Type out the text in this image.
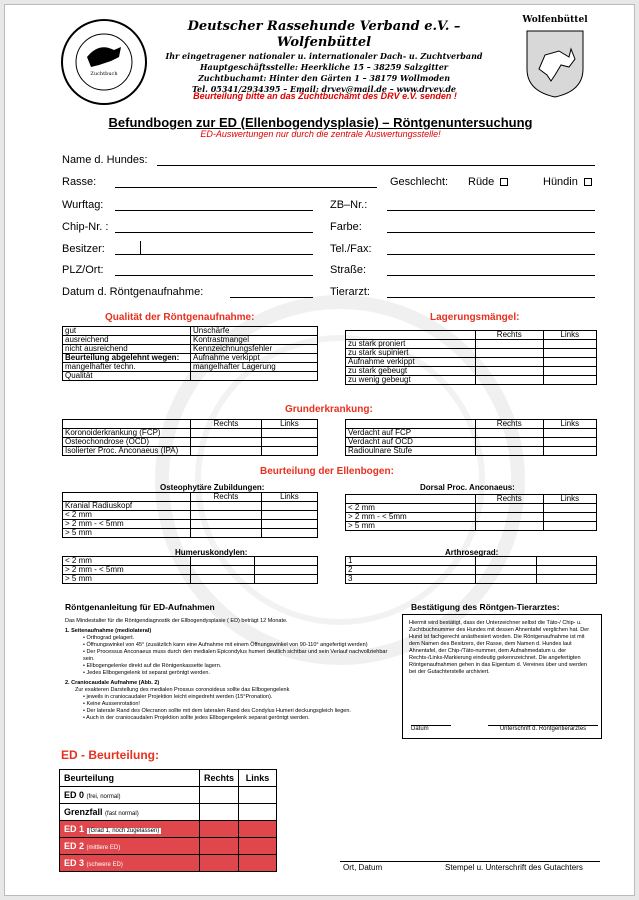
Zuchtbuch
Deutscher Rassehunde Verband e.V. – Wolfenbüttel
Ihr eingetragener nationaler u. internationaler Dach- u. Zuchtverband
Hauptgeschäftsstelle: Heerkliche 15 – 38259 Salzgitter
Zuchtbuchamt: Hinter den Gärten 1 – 38179 Wollmoden
Tel. 05341/2934395 – Email: drvev@mail.de – www.drvev.de
Beurteilung bitte an das Zuchtbuchamt des DRV e.V. senden !
Wolfenbüttel
Befundbogen zur ED (Ellenbogendysplasie) – Röntgenuntersuchung
ED-Auswertungen nur durch die zentrale Auswertungsstelle!
Name d. Hundes:
Rasse:	Geschlecht: Rüde	Hündin
Wurftag:	ZB–Nr.:
Chip-Nr. :	Farbe:
Besitzer:	Tel./Fax:
PLZ/Ort:	Straße:
Datum d. Röntgenaufnahme:	Tierarzt:
Qualität der Röntgenaufnahme:
gut	Unschärfe
ausreichend	Kontrastmangel
nicht ausreichend	Kennzeichnungsfehler
Beurteilung abgelehnt wegen:	Aufnahme verkippt
mangelhafter techn.	mangelhafter Lagerung
Qualität	
Lagerungsmängel:
	Rechts	Links
zu stark proniert		
zu stark supiniert		
Aufnahme verkippt		
zu stark gebeugt		
zu wenig gebeugt		
Grunderkrankung:
	Rechts	Links
Koronoiderkrankung (FCP)		
Osteochondrose (OCD)		
Isolierter Proc. Anconaeus (IPA)		
	Rechts	Links
Verdacht auf FCP		
Verdacht auf OCD		
Radioulnare Stufe		
Beurteilung der Ellenbogen:
Osteophytäre Zubildungen:
	Rechts	Links
Kranial Radiuskopf		
< 2 mm		
> 2 mm - < 5mm		
> 5 mm		
Humeruskondylen:
< 2 mm		
> 2 mm - < 5mm		
> 5 mm		
Dorsal Proc. Anconaeus:
	Rechts	Links
< 2 mm		
> 2 mm - < 5mm		
> 5 mm		
Arthrosegrad:
1		
2		
3		
Röntgenanleitung für ED-Aufnahmen
Das Mindestalter für die Röntgendiagnostik der Ellbogendysplasie ( ED) beträgt 12 Monate.
1. Seitenaufnahme (mediolateral)
• Orthograd gelagert.
• Öffnungswinkel von 45° (zusätzlich kann eine Aufnahme mit einem Öffnungswinkel von 90-110° angefertigt werden)
• Der Processus Anconaeus muss durch den medialen Epicondylus humeri deutlich sichtbar und sein Verlauf nachvollziehbar sein.
• Ellbogengelenke direkt auf die Röntgenkassette lagern.
• Jedes Ellbogengelenk ist separat geröntgt werden.
2. Craniocaudale Aufnahme (Abb. 2)
Zur exakteren Darstellung des medialen Prossus coronoideus sollte das Ellbogengelenk
• jeweils in craniocaudaler Projektion leicht eingedreht werden (15°Pronation).
• Keine Aussenrotation!
• Der laterale Rand des Olecranon sollte mit dem lateralen Rand des Condylus Humeri deckungsgleich liegen.
• Auch in der craniocaudalen Projektion sollte jedes Ellbogengelenk separat geröntgt werden.
Bestätigung des Röntgen-Tierarztes:
Hiermit wird bestätigt, dass der Unterzeichner selbst die Täto-/ Chip- u. Zuchtbuchnummer des Hundes mit dessen Ahnentafel verglichen hat. Der Hund ist fachgerecht anästhesiert worden. Die Röntgenaufnahme ist mit dem Namen des Besitzers, der Rasse, dem Namen d. Hundes laut Ahnentafel, der Chip-/Täto-nummer, dem Aufnahmedatum u. der Rechts-/Links-Markierung eindeutig gekennzeichnet. Die angefertigten Röntgenaufnahmen gehen in das Eigentum d. Vereines über und werden bei der Gutachterstelle archiviert.
Datum	Unterschrift d. Röntgentierarztes
ED - Beurteilung:
Beurteilung	Rechts	Links
ED 0 (frei, normal)		
Grenzfall (fast normal)		
ED 1 (Grad 1, noch zugelassen)		
ED 2 (mittlere ED)		
ED 3 (schwere ED)			Ort, Datum	Stempel u. Unterschrift des Gutachters
